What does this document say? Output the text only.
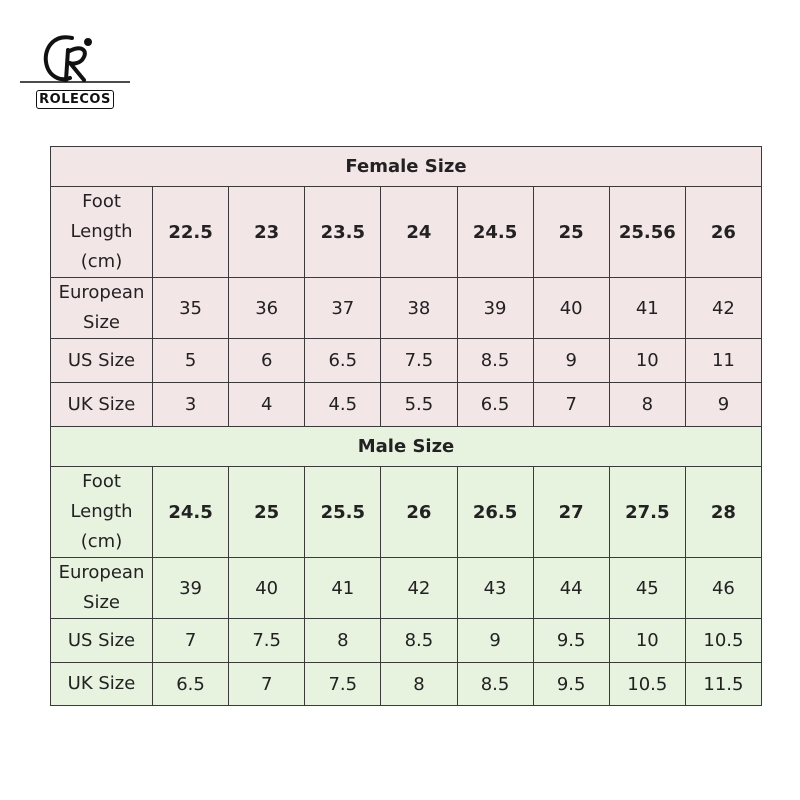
ROLECOS
Female Size								

Foot
Length
(cm)	22.5	23	23.5	24	24.5	25	25.56	26

European
Size	35	36	37	38	39	40	41	42
US Size	5	6	6.5	7.5	8.5	9	10	11
UK Size	3	4	4.5	5.5	6.5	7	8	9
Male Size								

Foot
Length
(cm)	24.5	25	25.5	26	26.5	27	27.5	28

European
Size	39	40	41	42	43	44	45	46
US Size	7	7.5	8	8.5	9	9.5	10	10.5
UK Size	6.5	7	7.5	8	8.5	9.5	10.5	11.5
